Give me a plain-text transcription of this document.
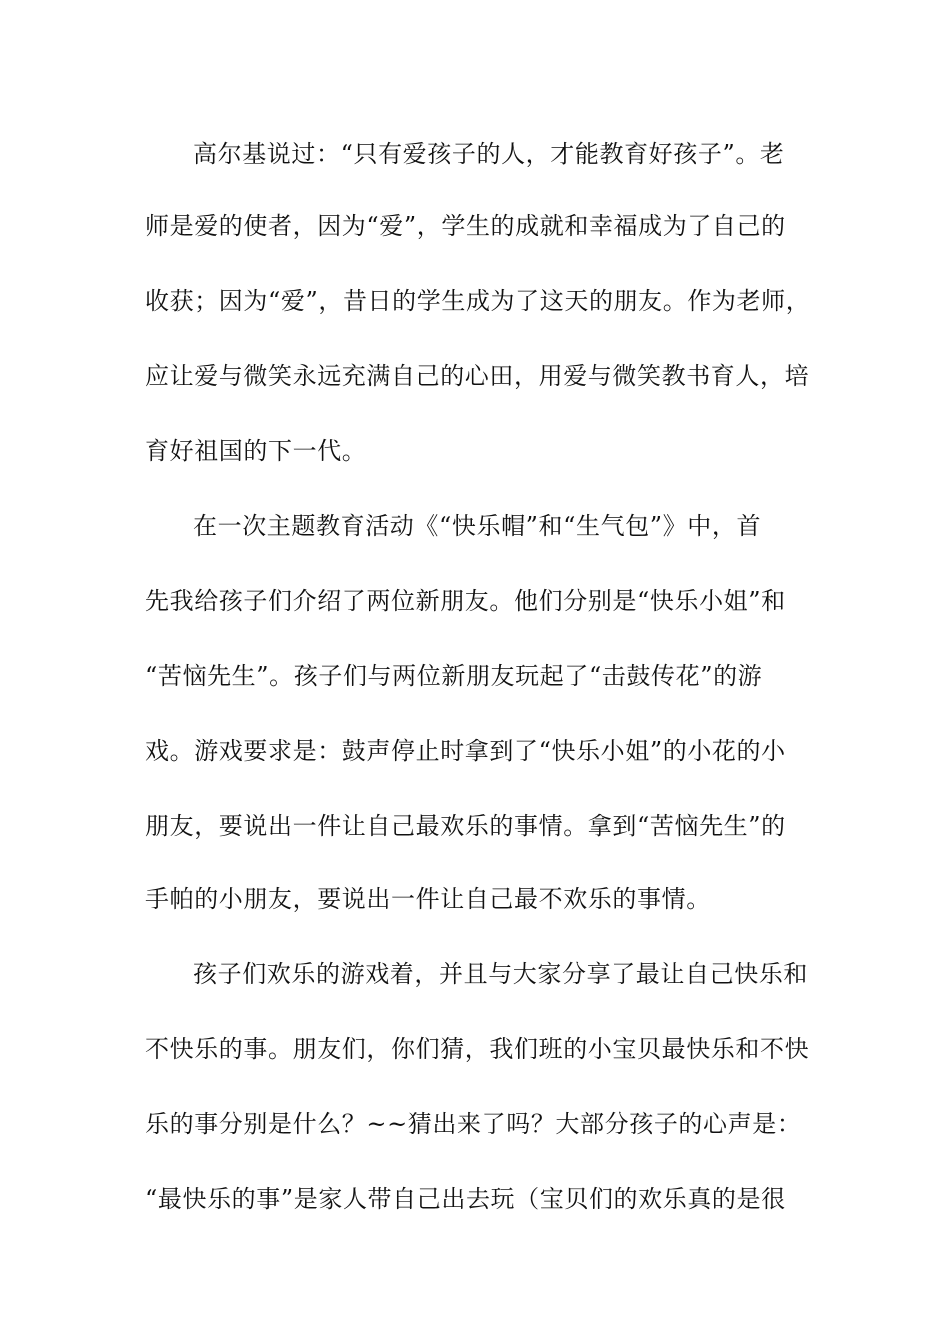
高尔基说过：“只有爱孩子的人，才能教育好孩子”。老
师是爱的使者，因为“爱”，学生的成就和幸福成为了自己的
收获；因为“爱”，昔日的学生成为了这天的朋友。作为老师，
应让爱与微笑永远充满自己的心田，用爱与微笑教书育人，培
育好祖国的下一代。
在一次主题教育活动《“快乐帽”和“生气包”》中，首
先我给孩子们介绍了两位新朋友。他们分别是“快乐小姐”和
“苦恼先生”。孩子们与两位新朋友玩起了“击鼓传花”的游
戏。游戏要求是：鼓声停止时拿到了“快乐小姐”的小花的小
朋友，要说出一件让自己最欢乐的事情。拿到“苦恼先生”的
手帕的小朋友，要说出一件让自己最不欢乐的事情。
孩子们欢乐的游戏着，并且与大家分享了最让自己快乐和
不快乐的事。朋友们，你们猜，我们班的小宝贝最快乐和不快
乐的事分别是什么？~~猜出来了吗？大部分孩子的心声是：
“最快乐的事”是家人带自己出去玩（宝贝们的欢乐真的是很
